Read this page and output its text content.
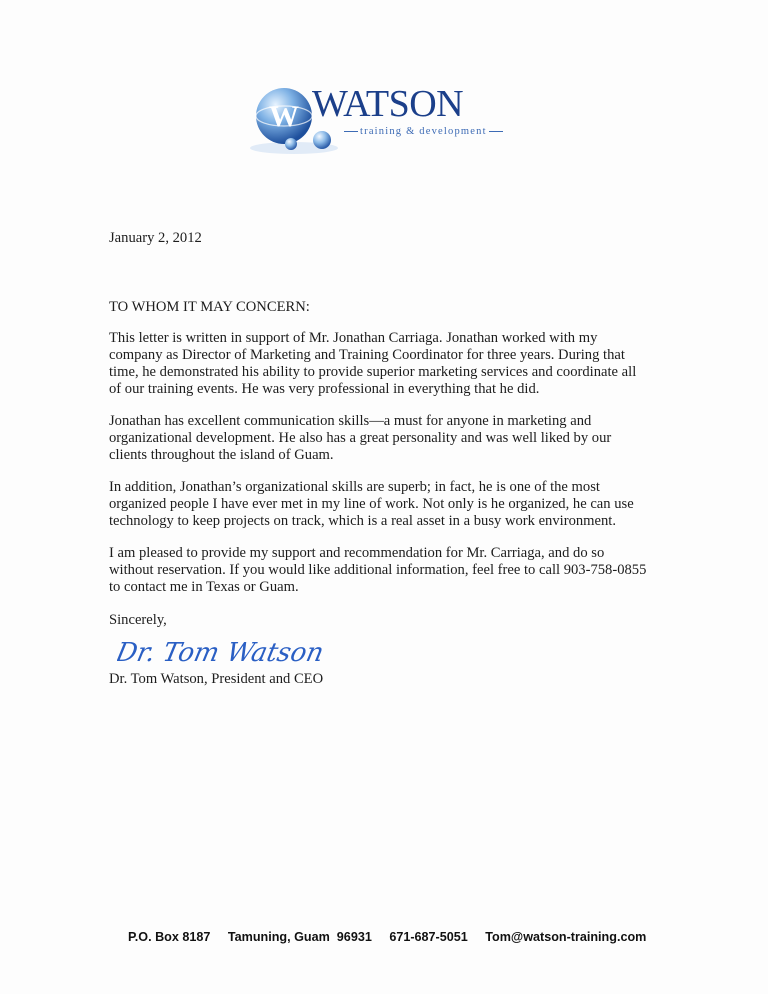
W WATSON
training & development

January 2, 2012

TO WHOM IT MAY CONCERN:

This letter is written in support of Mr. Jonathan Carriaga. Jonathan worked with my company as Director of Marketing and Training Coordinator for three years. During that time, he demonstrated his ability to provide superior marketing services and coordinate all of our training events. He was very professional in everything that he did.

Jonathan has excellent communication skills—a must for anyone in marketing and organizational development. He also has a great personality and was well liked by our clients throughout the island of Guam.

In addition, Jonathan’s organizational skills are superb; in fact, he is one of the most organized people I have ever met in my line of work. Not only is he organized, he can use technology to keep projects on track, which is a real asset in a busy work environment.

I am pleased to provide my support and recommendation for Mr. Carriaga, and do so without reservation. If you would like additional information, feel free to call 903-758-0855 to contact me in Texas or Guam.

Sincerely,

Dr. Tom Watson

Dr. Tom Watson, President and CEO

P.O. Box 8187 Tamuning, Guam  96931 671-687-5051 Tom@watson-training.com
